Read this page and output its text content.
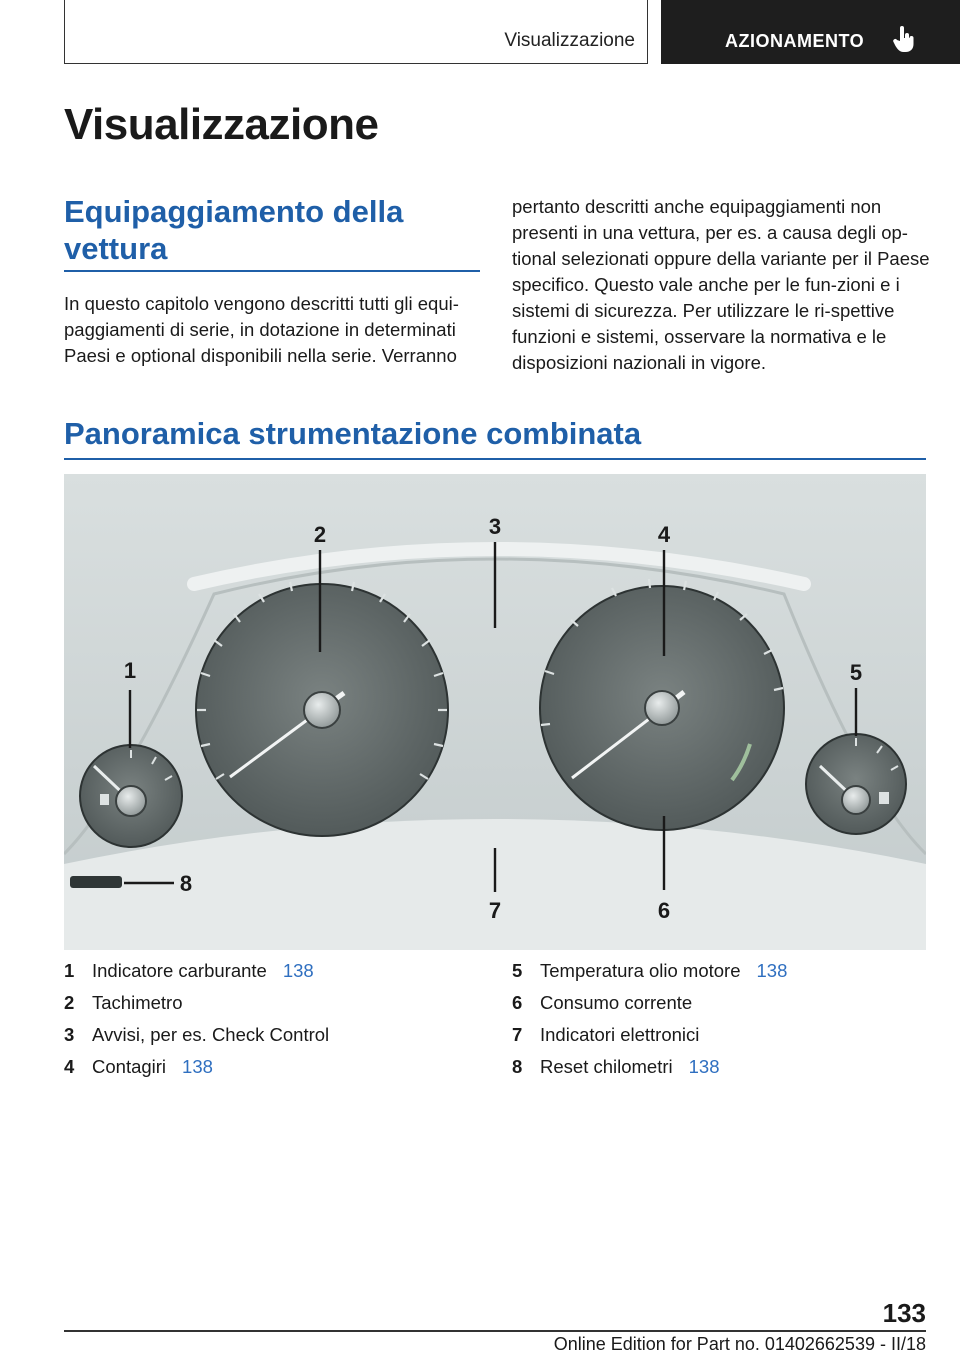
Visualizzazione	AZIONAMENTO
Visualizzazione
Equipaggiamento della vettura

In questo capitolo vengono descritti tutti gli equi-paggiamenti di serie, in dotazione in determinati Paesi e optional disponibili nella serie. Verranno

pertanto descritti anche equipaggiamenti non presenti in una vettura, per es. a causa degli op-tional selezionati oppure della variante per il Paese specifico. Questo vale anche per le fun-zioni e i sistemi di sicurezza. Per utilizzare le ri-spettive funzioni e sistemi, osservare la normativa e le disposizioni nazionali in vigore.

Panoramica strumentazione combinata
1
2	3	4
5
6
7
8
1 Indicatore carburante 138
2 Tachimetro
3 Avvisi, per es. Check Control
4 Contagiri 138
5 Temperatura olio motore 138
6 Consumo corrente
7 Indicatori elettronici
8 Reset chilometri 138
133
Online Edition for Part no. 01402662539 - II/18
